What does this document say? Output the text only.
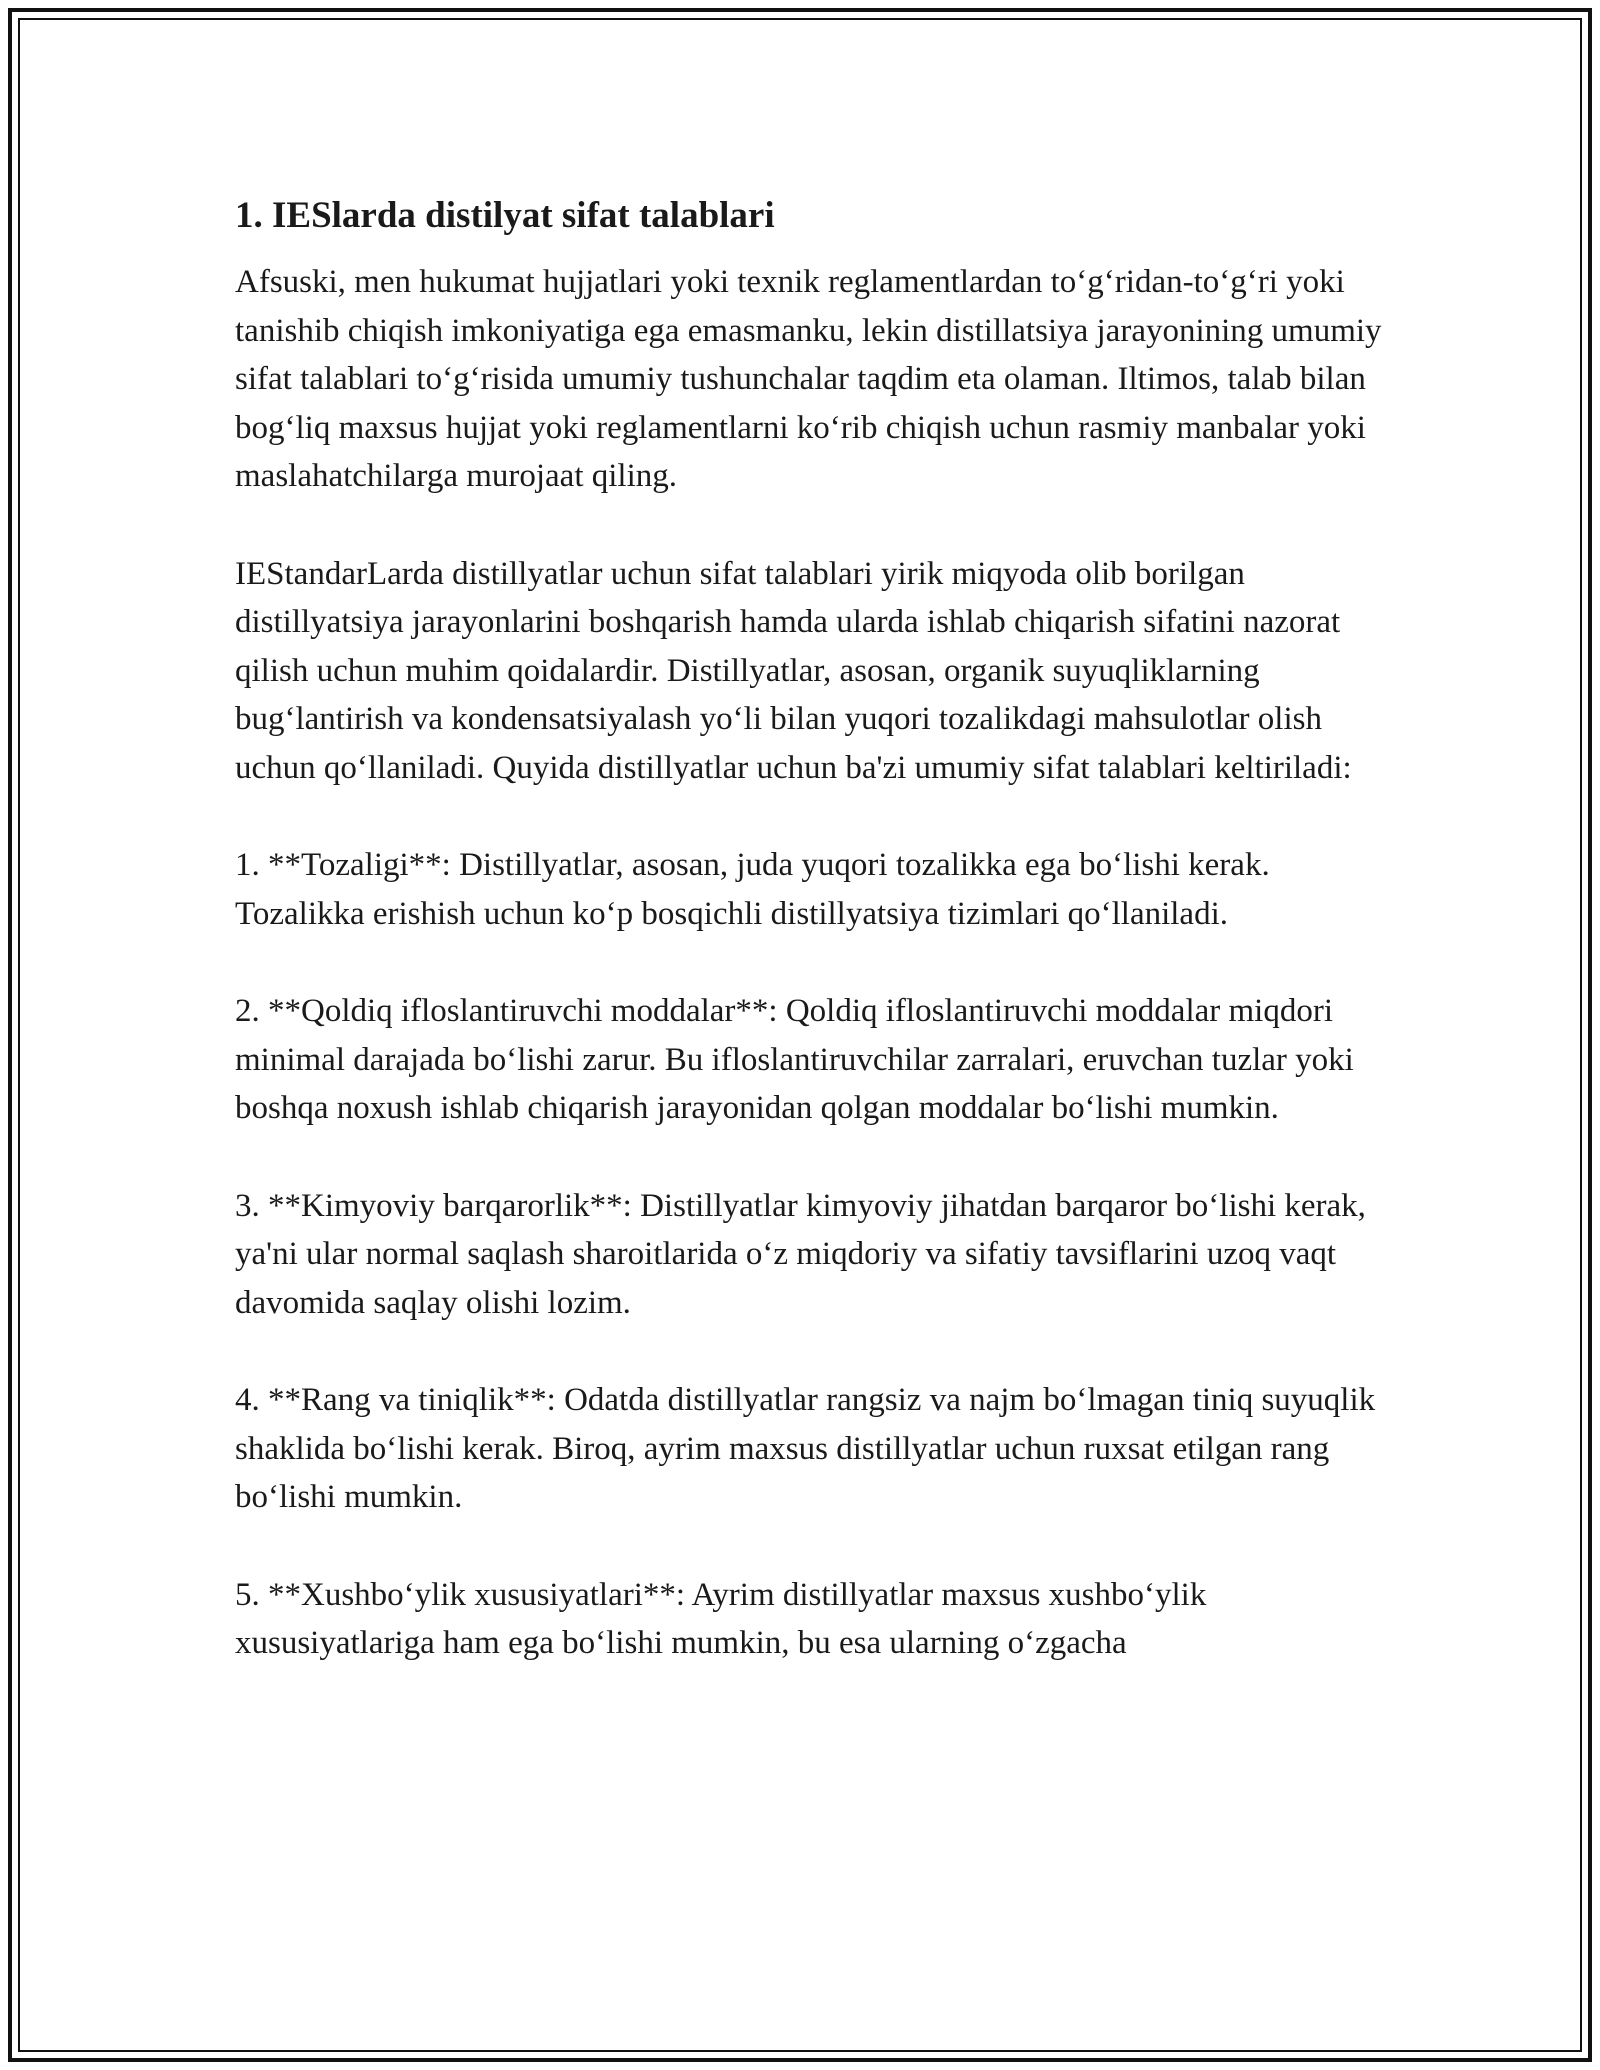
1. IESlarda distilyat sifat talablari

Afsuski, men hukumat hujjatlari yoki texnik reglamentlardan to‘g‘ridan-to‘g‘ri yoki tanishib chiqish imkoniyatiga ega emasmanku, lekin distillatsiya jarayonining umumiy sifat talablari to‘g‘risida umumiy tushunchalar taqdim eta olaman. Iltimos, talab bilan bog‘liq maxsus hujjat yoki reglamentlarni ko‘rib chiqish uchun rasmiy manbalar yoki maslahatchilarga murojaat qiling.

IEStandarLarda distillyatlar uchun sifat talablari yirik miqyoda olib borilgan distillyatsiya jarayonlarini boshqarish hamda ularda ishlab chiqarish sifatini nazorat qilish uchun muhim qoidalardir. Distillyatlar, asosan, organik suyuqliklarning bug‘lantirish va kondensatsiyalash yo‘li bilan yuqori tozalikdagi mahsulotlar olish uchun qo‘llaniladi. Quyida distillyatlar uchun ba'zi umumiy sifat talablari keltiriladi:

1. **Tozaligi**: Distillyatlar, asosan, juda yuqori tozalikka ega bo‘lishi kerak. Tozalikka erishish uchun ko‘p bosqichli distillyatsiya tizimlari qo‘llaniladi.

2. **Qoldiq ifloslantiruvchi moddalar**: Qoldiq ifloslantiruvchi moddalar miqdori minimal darajada bo‘lishi zarur. Bu ifloslantiruvchilar zarralari, eruvchan tuzlar yoki boshqa noxush ishlab chiqarish jarayonidan qolgan moddalar bo‘lishi mumkin.

3. **Kimyoviy barqarorlik**: Distillyatlar kimyoviy jihatdan barqaror bo‘lishi kerak, ya'ni ular normal saqlash sharoitlarida o‘z miqdoriy va sifatiy tavsiflarini uzoq vaqt davomida saqlay olishi lozim.

4. **Rang va tiniqlik**: Odatda distillyatlar rangsiz va najm bo‘lmagan tiniq suyuqlik shaklida bo‘lishi kerak. Biroq, ayrim maxsus distillyatlar uchun ruxsat etilgan rang bo‘lishi mumkin.

5. **Xushbo‘ylik xususiyatlari**: Ayrim distillyatlar maxsus xushbo‘ylik xususiyatlariga ham ega bo‘lishi mumkin, bu esa ularning o‘zgacha
